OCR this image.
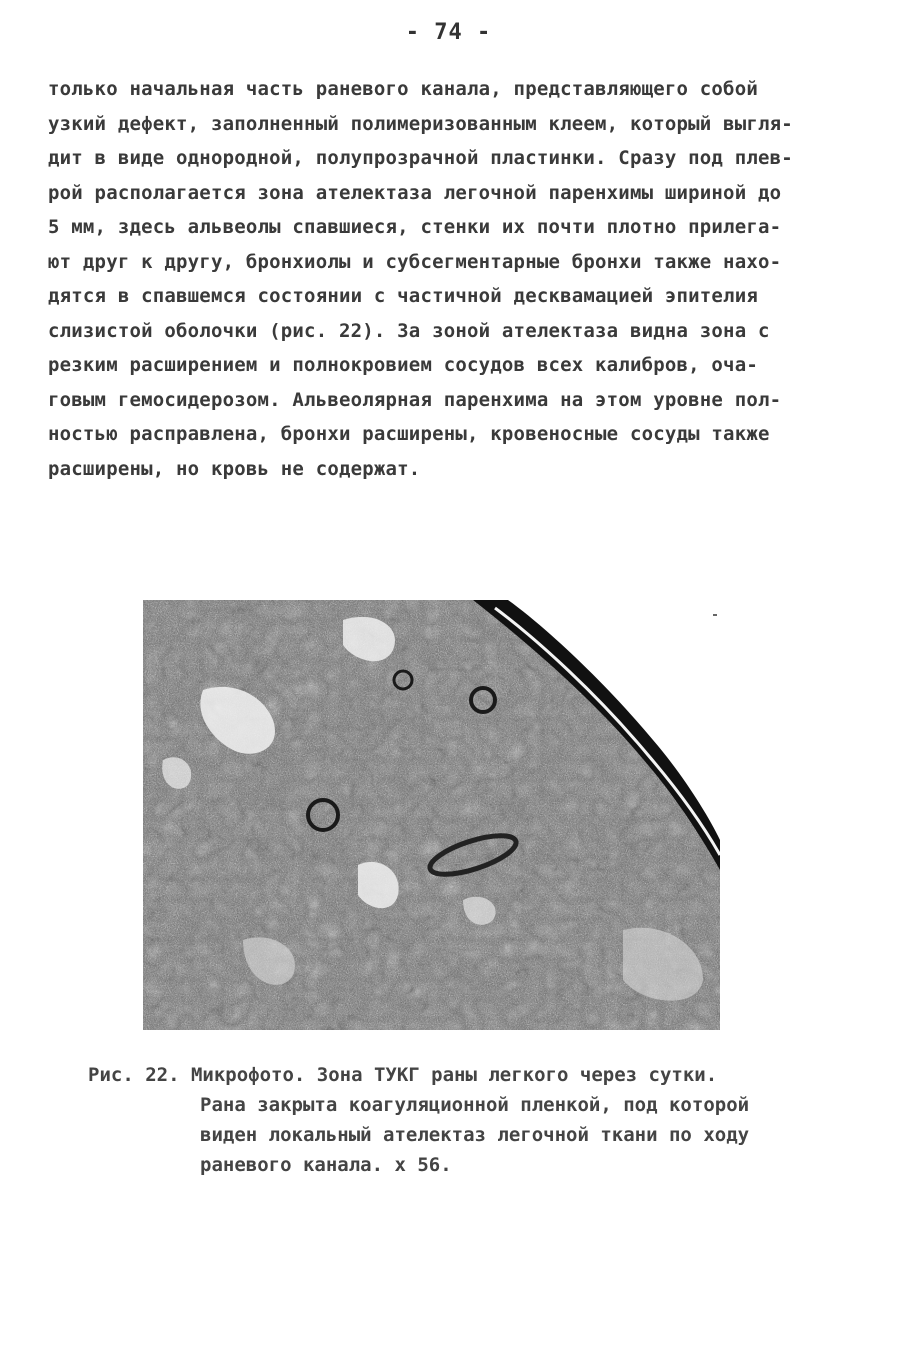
- 74 -
только начальная часть раневого канала, представляющего собой
узкий дефект, заполненный полимеризованным клеем, который выгля-
дит в виде однородной, полупрозрачной пластинки. Сразу под плев-
рой располагается зона ателектаза легочной паренхимы шириной до
5 мм, здесь альвеолы спавшиеся, стенки их почти плотно прилега-
ют друг к другу, бронхиолы и субсегментарные бронхи также нахо-
дятся в спавшемся состоянии с частичной десквамацией эпителия
слизистой оболочки (рис. 22). За зоной ателектаза видна зона с
резким расширением и полнокровием сосудов всех калибров, оча-
говым гемосидерозом. Альвеолярная паренхима на этом уровне пол-
ностью расправлена, бронхи расширены, кровеносные сосуды также
расширены, но кровь не содержат.
Рис. 22. Микрофото. Зона ТУКГ раны легкого через сутки.
Рана закрыта коагуляционной пленкой, под которой
виден локальный ателектаз легочной ткани по ходу
раневого канала. х 56.
